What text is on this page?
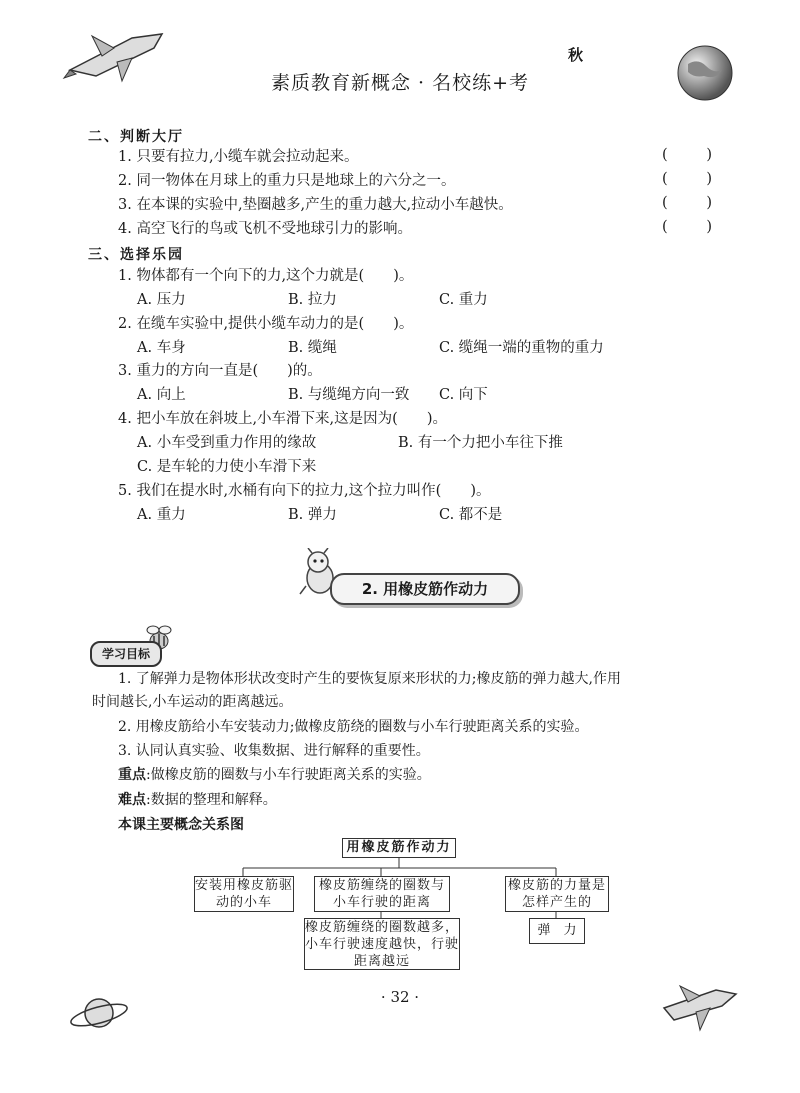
秋
素质教育新概念 · 名校练+考
二、判断大厅
1. 只要有拉力,小缆车就会拉动起来。	(	)
2. 同一物体在月球上的重力只是地球上的六分之一。	(	)
3. 在本课的实验中,垫圈越多,产生的重力越大,拉动小车越快。	(	)
4. 高空飞行的鸟或飞机不受地球引力的影响。	(	)
三、选择乐园
1. 物体都有一个向下的力,这个力就是(　　)。
A. 压力	B. 拉力	C. 重力
2. 在缆车实验中,提供小缆车动力的是(　　)。
A. 车身	B. 缆绳	C. 缆绳一端的重物的重力
3. 重力的方向一直是(　　)的。
A. 向上	B. 与缆绳方向一致 C. 向下
4. 把小车放在斜坡上,小车滑下来,这是因为(　　)。
A. 小车受到重力作用的缘故	B. 有一个力把小车往下推
C. 是车轮的力使小车滑下来
5. 我们在提水时,水桶有向下的拉力,这个拉力叫作(　　)。
A. 重力	B. 弹力	C. 都不是
2. 用橡皮筋作动力
学习目标
1. 了解弹力是物体形状改变时产生的要恢复原来形状的力;橡皮筋的弹力越大,作用
时间越长,小车运动的距离越远。
2. 用橡皮筋给小车安装动力;做橡皮筋绕的圈数与小车行驶距离关系的实验。
3. 认同认真实验、收集数据、进行解释的重要性。
重点:做橡皮筋的圈数与小车行驶距离关系的实验。
难点:数据的整理和解释。
本课主要概念关系图
用橡皮筋作动力
安装用橡皮筋驱动的小车
橡皮筋缠绕的圈数与小车行驶的距离
橡皮筋缠绕的圈数越多，小车行驶速度越快，行驶距离越远
橡皮筋的力量是怎样产生的
弹　力
· 32 ·
